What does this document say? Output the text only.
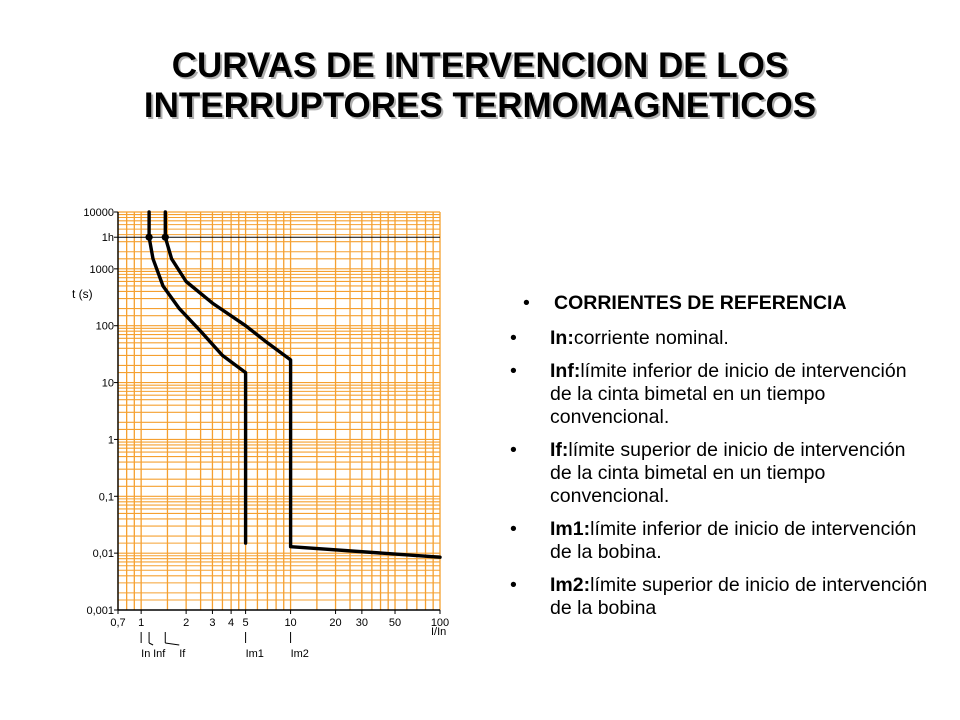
CURVAS DE INTERVENCION DE LOS
INTERRUPTORES TERMOMAGNETICOS
t (s)
I/In
0,001
0,01
0,1
1
10
100
1000
1h
10000
0,7 1	2 3 4 5	10	20 30 50	100
In Inf If	Im1 Im2
• CORRIENTES DE REFERENCIA
• In:corriente nominal.
• Inf:límite inferior de inicio de intervención de la cinta bimetal en un tiempo convencional.
• If:límite superior de inicio de intervención de la cinta bimetal en un tiempo convencional.
• Im1:límite inferior de inicio de intervención de la bobina.
• Im2:límite superior de inicio de intervención de la bobina
